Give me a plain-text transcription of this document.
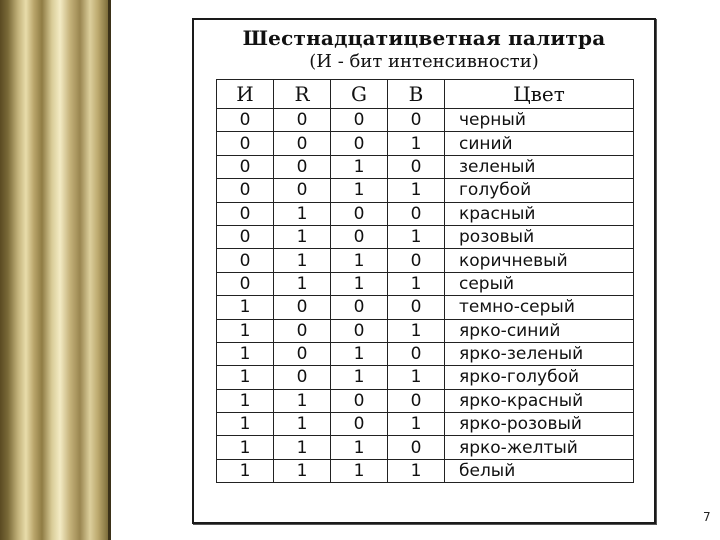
Шестнадцатицветная палитра
(И - бит интенсивности)
И	R	G	B	Цвет
0	0	0	0	черный
0	0	0	1	синий
0	0	1	0	зеленый
0	0	1	1	голубой
0	1	0	0	красный
0	1	0	1	розовый
0	1	1	0	коричневый
0	1	1	1	серый
1	0	0	0	темно-серый
1	0	0	1	ярко-синий
1	0	1	0	ярко-зеленый
1	0	1	1	ярко-голубой
1	1	0	0	ярко-красный
1	1	0	1	ярко-розовый
1	1	1	0	ярко-желтый
1	1	1	1	белый
7
